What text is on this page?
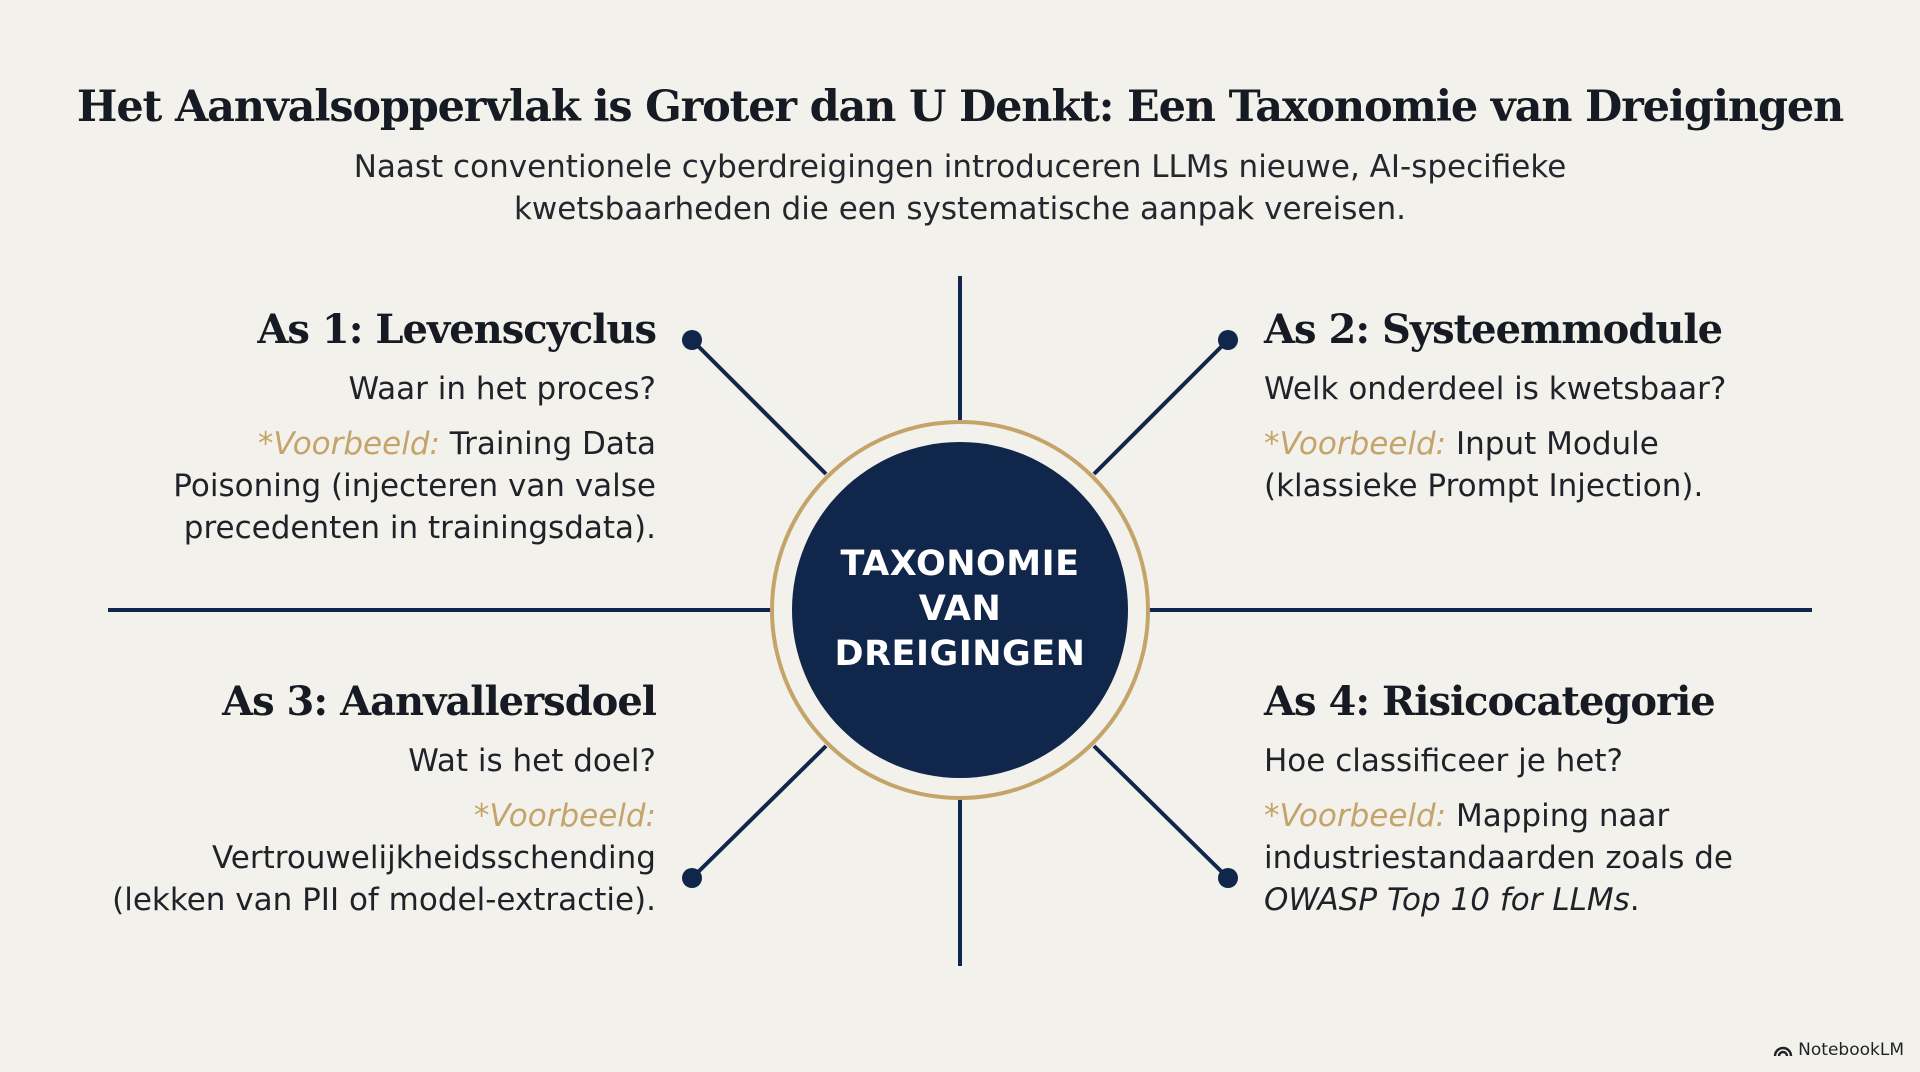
Het Aanvalsoppervlak is Groter dan U Denkt: Een Taxonomie van Dreigingen
Naast conventionele cyberdreigingen introduceren LLMs nieuwe, AI-specifieke
kwetsbaarheden die een systematische aanpak vereisen.
TAXONOMIE
VAN
DREIGINGEN
As 1: Levenscyclus
Waar in het proces?
*Voorbeeld: Training Data
Poisoning (injecteren van valse
precedenten in trainingsdata).
As 2: Systeemmodule
Welk onderdeel is kwetsbaar?
*Voorbeeld: Input Module
(klassieke Prompt Injection).
As 3: Aanvallersdoel
Wat is het doel?
*Voorbeeld:
Vertrouwelijkheidsschending
(lekken van PII of model-extractie).
As 4: Risicocategorie
Hoe classificeer je het?
*Voorbeeld: Mapping naar
industriestandaarden zoals de
OWASP Top 10 for LLMs.
NotebookLM
